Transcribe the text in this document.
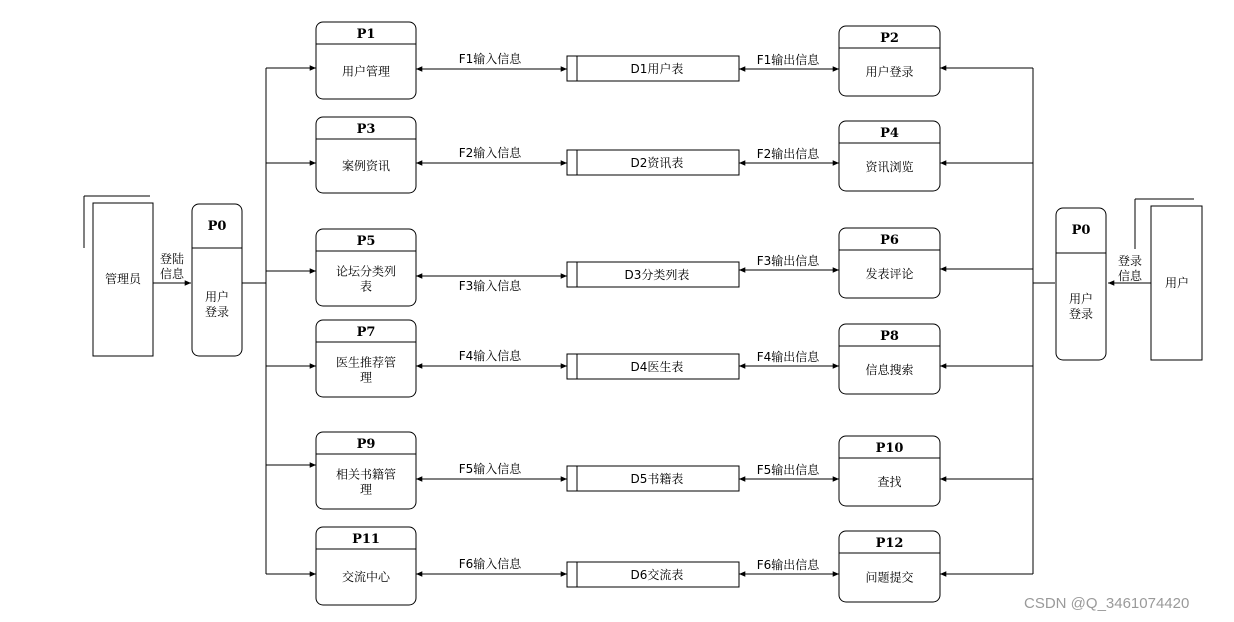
管理员
登陆
信息
P0
用户
登录
用户
登录
信息
P0
用户
登录
P1
用户管理
P2
用户登录
D1用户表
F1输入信息	F1输出信息
P3
案例资讯
P4
资讯浏览
D2资讯表
F2输入信息	F2输出信息
P5
论坛分类列
表
P6
发表评论
D3分类列表
F3输入信息
F3输出信息
P7
医生推荐管
理
P8
信息搜索
D4医生表
F4输入信息	F4输出信息
P9
相关书籍管
理
P10
查找
D5书籍表
F5输入信息	F5输出信息
P11
交流中心
P12
问题提交
D6交流表
F6输入信息	F6输出信息
CSDN @Q_3461074420
